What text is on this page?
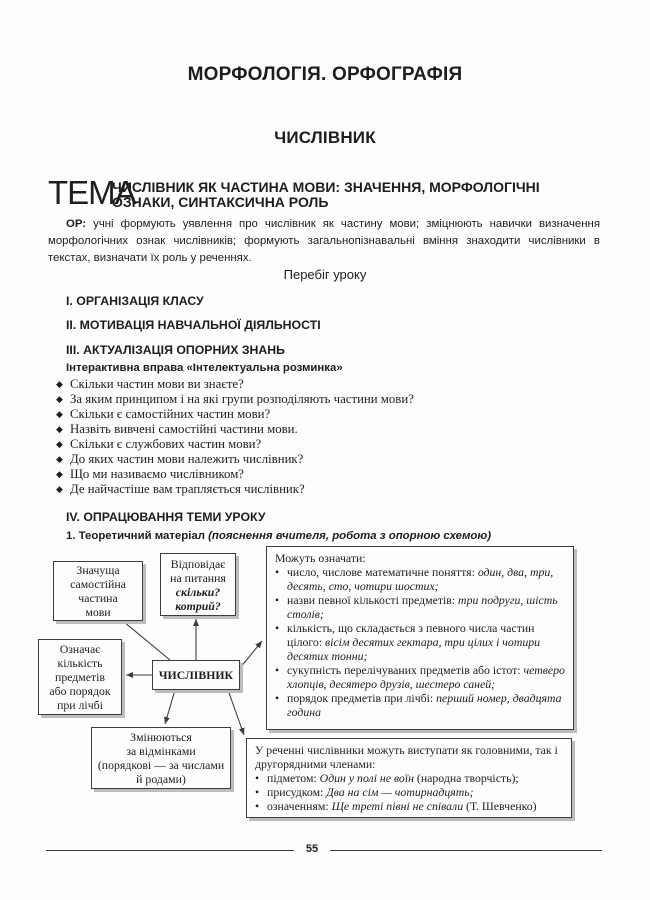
МОРФОЛОГІЯ. ОРФОГРАФІЯ
ЧИСЛІВНИК
ТЕМА
ЧИСЛІВНИК ЯК ЧАСТИНА МОВИ: ЗНАЧЕННЯ, МОРФОЛОГІЧНІ ОЗНАКИ, СИНТАКСИЧНА РОЛЬ

ОР: учні формують уявлення про числівник як частину мови; зміцнюють навички визначення морфологічних ознак числівників; формують загальнопізнавальні вміння знаходити числівники в текстах, визначати їх роль у реченнях.

Перебіг уроку
I. ОРГАНІЗАЦІЯ КЛАСУ
II. МОТИВАЦІЯ НАВЧАЛЬНОЇ ДІЯЛЬНОСТІ
III. АКТУАЛІЗАЦІЯ ОПОРНИХ ЗНАНЬ
Інтерактивна вправа «Інтелектуальна розминка»
◆ Скільки частин мови ви знаєте?
◆ За яким принципом і на які групи розподіляють частини мови?
◆ Скільки є самостійних частин мови?
◆ Назвіть вивчені самостійні частини мови.
◆ Скільки є службових частин мови?
◆ До яких частин мови належить числівник?
◆ Що ми називаємо числівником?
◆ Де найчастіше вам трапляється числівник?
IV. ОПРАЦЮВАННЯ ТЕМИ УРОКУ
1. Теоретичний матеріал (пояснення вчителя, робота з опорною схемою)
Значуща
самостійна
частина
мови
Відповідає
на питання
скільки?
котрий?
Означає
кількість
предметів
або порядок
при лічбі
ЧИСЛІВНИК
Змінюються
за відмінками
(порядкові — за числами
й родами)
Можуть означати:
• число, числове математичне поняття: один, два, три, десять, сто, чотири шостих;
• назви певної кількості предметів: три подруги, шість столів;
• кількість, що складається з певного числа частин цілого: вісім десятих гектара, три цілих і чотири десятих тонни;
• сукупність перелічуваних предметів або істот: четверо хлопців, десятеро друзів, шестеро саней;
• порядок предметів при лічбі: перший номер, двадцята година
У реченні числівники можуть виступати як головними, так і другорядними членами:
• підметом: Один у полі не воїн (народна творчість);
• присудком: Два на сім — чотирнадцять;
• означенням: Ще треті півні не співали (Т. Шевченко)
55
